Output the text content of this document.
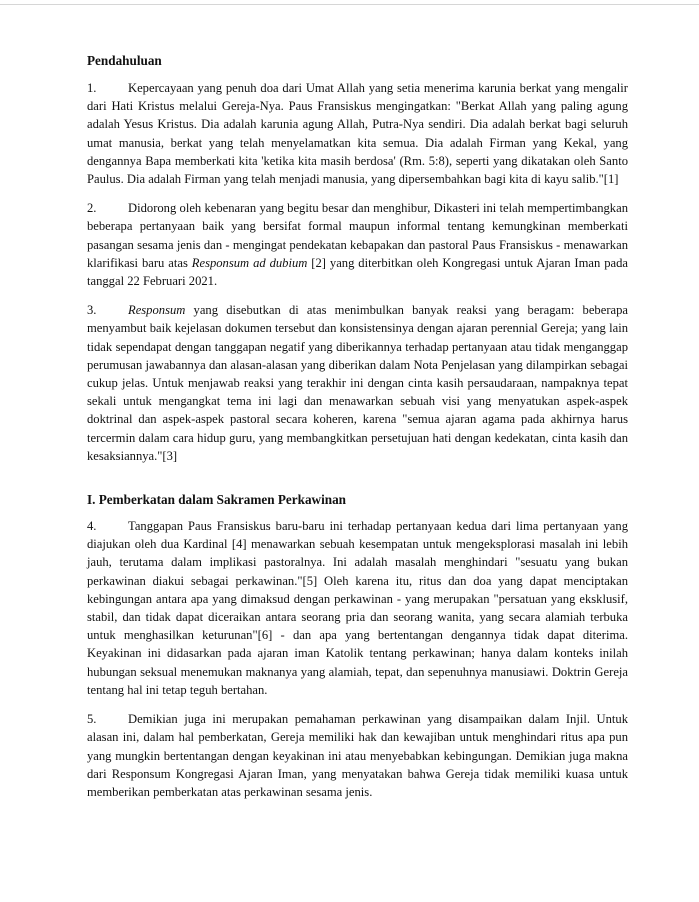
Pendahuluan

1.	Kepercayaan yang penuh doa dari Umat Allah yang setia menerima karunia berkat yang mengalir dari Hati Kristus melalui Gereja-Nya. Paus Fransiskus mengingatkan: "Berkat Allah yang paling agung adalah Yesus Kristus. Dia adalah karunia agung Allah, Putra-Nya sendiri. Dia adalah berkat bagi seluruh umat manusia, berkat yang telah menyelamatkan kita semua. Dia adalah Firman yang Kekal, yang dengannya Bapa memberkati kita 'ketika kita masih berdosa' (Rm. 5:8), seperti yang dikatakan oleh Santo Paulus. Dia adalah Firman yang telah menjadi manusia, yang dipersembahkan bagi kita di kayu salib."[1]

2.	Didorong oleh kebenaran yang begitu besar dan menghibur, Dikasteri ini telah mempertimbangkan beberapa pertanyaan baik yang bersifat formal maupun informal tentang kemungkinan memberkati pasangan sesama jenis dan - mengingat pendekatan kebapakan dan pastoral Paus Fransiskus - menawarkan klarifikasi baru atas Responsum ad dubium [2] yang diterbitkan oleh Kongregasi untuk Ajaran Iman pada tanggal 22 Februari 2021.

3.	Responsum yang disebutkan di atas menimbulkan banyak reaksi yang beragam: beberapa menyambut baik kejelasan dokumen tersebut dan konsistensinya dengan ajaran perennial Gereja; yang lain tidak sependapat dengan tanggapan negatif yang diberikannya terhadap pertanyaan atau tidak menganggap perumusan jawabannya dan alasan-alasan yang diberikan dalam Nota Penjelasan yang dilampirkan sebagai cukup jelas. Untuk menjawab reaksi yang terakhir ini dengan cinta kasih persaudaraan, nampaknya tepat sekali untuk mengangkat tema ini lagi dan menawarkan sebuah visi yang menyatukan aspek-aspek doktrinal dan aspek-aspek pastoral secara koheren, karena "semua ajaran agama pada akhirnya harus tercermin dalam cara hidup guru, yang membangkitkan persetujuan hati dengan kedekatan, cinta kasih dan kesaksiannya."[3]

I. Pemberkatan dalam Sakramen Perkawinan

4.	Tanggapan Paus Fransiskus baru-baru ini terhadap pertanyaan kedua dari lima pertanyaan yang diajukan oleh dua Kardinal [4] menawarkan sebuah kesempatan untuk mengeksplorasi masalah ini lebih jauh, terutama dalam implikasi pastoralnya. Ini adalah masalah menghindari "sesuatu yang bukan perkawinan diakui sebagai perkawinan."[5] Oleh karena itu, ritus dan doa yang dapat menciptakan kebingungan antara apa yang dimaksud dengan perkawinan - yang merupakan "persatuan yang eksklusif, stabil, dan tidak dapat diceraikan antara seorang pria dan seorang wanita, yang secara alamiah terbuka untuk menghasilkan keturunan"[6] - dan apa yang bertentangan dengannya tidak dapat diterima. Keyakinan ini didasarkan pada ajaran iman Katolik tentang perkawinan; hanya dalam konteks inilah hubungan seksual menemukan maknanya yang alamiah, tepat, dan sepenuhnya manusiawi. Doktrin Gereja tentang hal ini tetap teguh bertahan.

5.	Demikian juga ini merupakan pemahaman perkawinan yang disampaikan dalam Injil. Untuk alasan ini, dalam hal pemberkatan, Gereja memiliki hak dan kewajiban untuk menghindari ritus apa pun yang mungkin bertentangan dengan keyakinan ini atau menyebabkan kebingungan. Demikian juga makna dari Responsum Kongregasi Ajaran Iman, yang menyatakan bahwa Gereja tidak memiliki kuasa untuk memberikan pemberkatan atas perkawinan sesama jenis.
